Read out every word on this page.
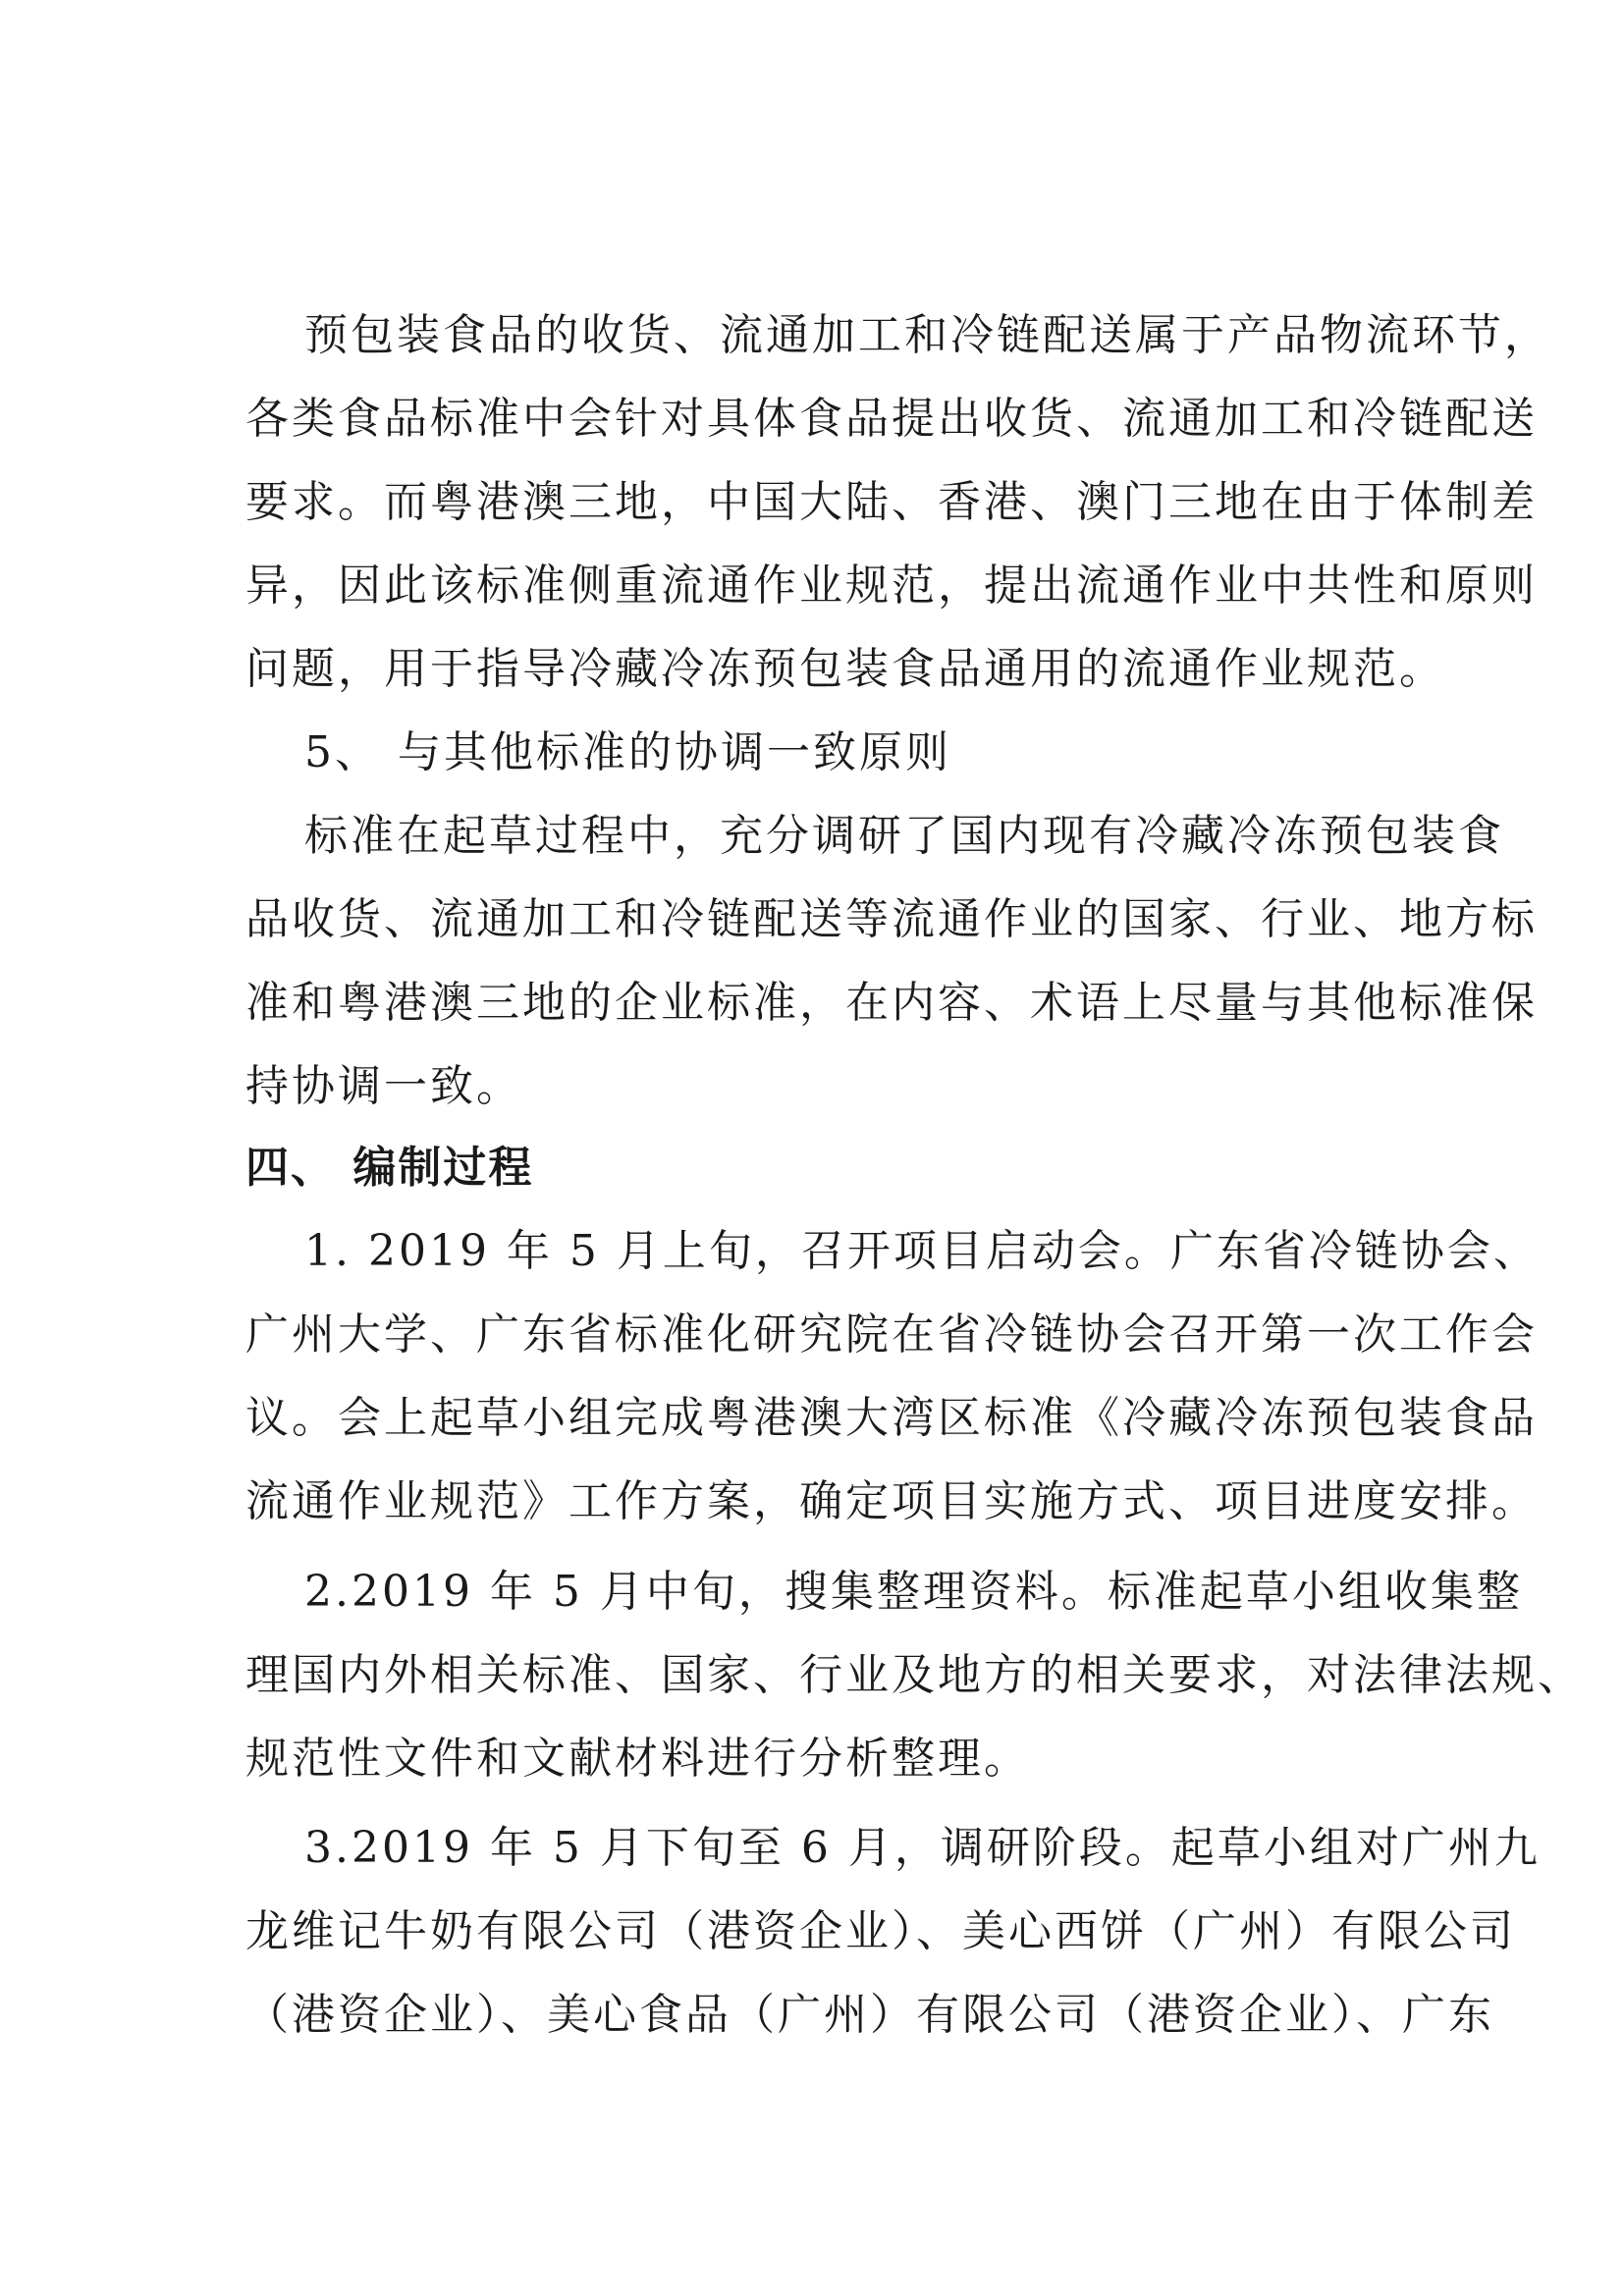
预包装食品的收货、流通加工和冷链配送属于产品物流环节，
各类食品标准中会针对具体食品提出收货、流通加工和冷链配送
要求。而粤港澳三地，中国大陆、香港、澳门三地在由于体制差
异，因此该标准侧重流通作业规范，提出流通作业中共性和原则
问题，用于指导冷藏冷冻预包装食品通用的流通作业规范。
5、 与其他标准的协调一致原则
标准在起草过程中，充分调研了国内现有冷藏冷冻预包装食
品收货、流通加工和冷链配送等流通作业的国家、行业、地方标
准和粤港澳三地的企业标准，在内容、术语上尽量与其他标准保
持协调一致。
四、 编制过程
1. 2019 年 5 月上旬，召开项目启动会。广东省冷链协会、
广州大学、广东省标准化研究院在省冷链协会召开第一次工作会
议。会上起草小组完成粤港澳大湾区标准《冷藏冷冻预包装食品
流通作业规范》工作方案，确定项目实施方式、项目进度安排。
2.2019 年 5 月中旬，搜集整理资料。标准起草小组收集整
理国内外相关标准、国家、行业及地方的相关要求，对法律法规、
规范性文件和文献材料进行分析整理。
3.2019 年 5 月下旬至 6 月，调研阶段。起草小组对广州九
龙维记牛奶有限公司（港资企业）、美心西饼（广州）有限公司
（港资企业）、美心食品（广州）有限公司（港资企业）、广东
